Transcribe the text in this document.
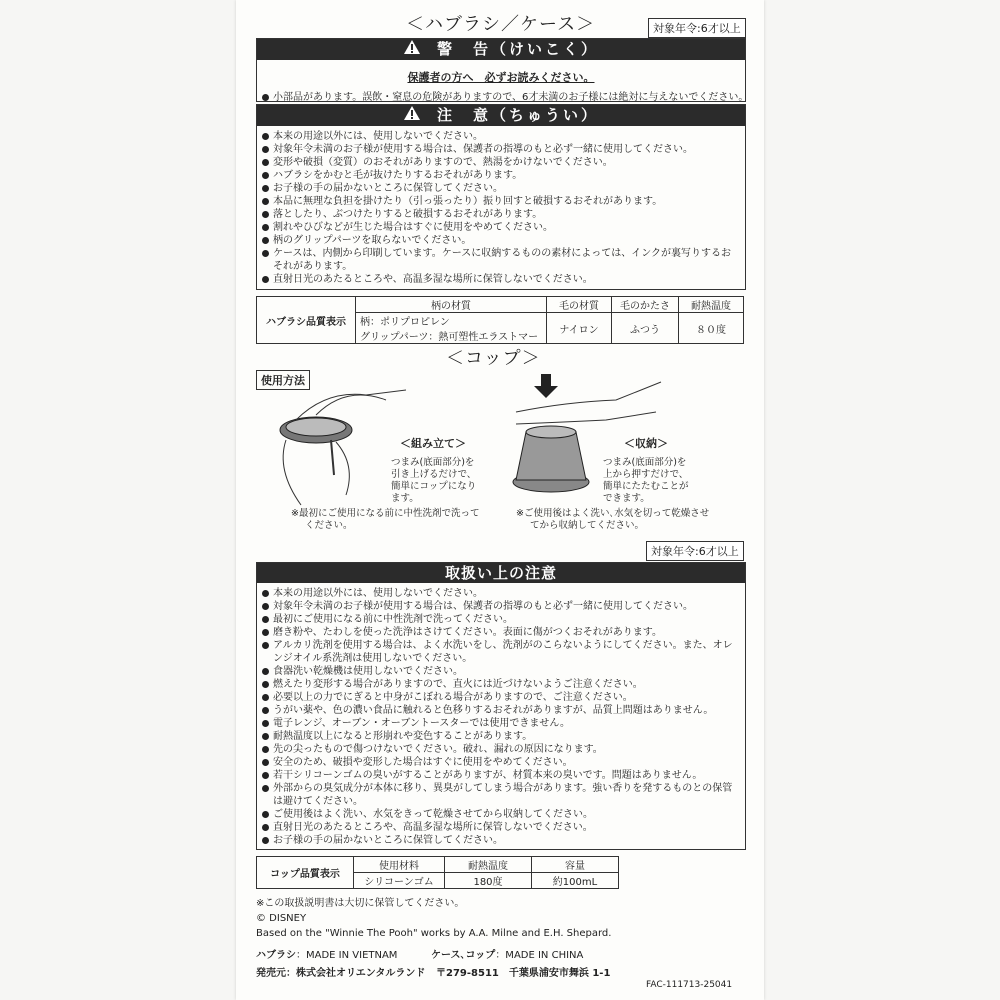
＜ハブラシ／ケース＞	対象年令:6才以上
警　告（けいこく）
保護者の方へ　必ずお読みください。
小部品があります。誤飲・窒息の危険がありますので、6才未満のお子様には絶対に与えないでください。
注　意（ちゅうい）
本来の用途以外には、使用しないでください。
対象年令未満のお子様が使用する場合は、保護者の指導のもと必ず一緒に使用してください。
変形や破損（変質）のおそれがありますので、熱湯をかけないでください。
ハブラシをかむと毛が抜けたりするおそれがあります。
お子様の手の届かないところに保管してください。
本品に無理な負担を掛けたり（引っ張ったり）振り回すと破損するおそれがあります。
落としたり、ぶつけたりすると破損するおそれがあります。
割れやひびなどが生じた場合はすぐに使用をやめてください。
柄のグリップパーツを取らないでください。
ケースは、内側から印刷しています。ケースに収納するものの素材によっては、インクが裏写りするおそれがあります。
直射日光のあたるところや、高温多湿な場所に保管しないでください。
ハブラシ品質表示	柄の材質	毛の材質	毛のかたさ	耐熱温度
	柄：ポリプロピレン	ナイロン	ふつう	８０度
	グリップパーツ：熱可塑性エラストマー			
＜コップ＞
使用方法
＜組み立て＞
つまみ(底面部分)を
引き上げるだけで、
簡単にコップになり
ます。
※最初にご使用になる前に中性洗剤で洗って
ください。
＜収納＞
つまみ(底面部分)を
上から押すだけで、
簡単にたたむことが
できます。
※ご使用後はよく洗い､水気を切って乾燥させ
てから収納してください。
対象年令:6才以上
取扱い上の注意
本来の用途以外には、使用しないでください。
対象年令未満のお子様が使用する場合は、保護者の指導のもと必ず一緒に使用してください。
最初にご使用になる前に中性洗剤で洗ってください。
磨き粉や、たわしを使った洗浄はさけてください。表面に傷がつくおそれがあります。
アルカリ洗剤を使用する場合は、よく水洗いをし、洗剤がのこらないようにしてください。また、オレンジオイル系洗剤は使用しないでください。
食器洗い乾燥機は使用しないでください。
燃えたり変形する場合がありますので、直火には近づけないようご注意ください。
必要以上の力でにぎると中身がこぼれる場合がありますので、ご注意ください。
うがい薬や、色の濃い食品に触れると色移りするおそれがありますが、品質上問題はありません。
電子レンジ、オーブン・オーブントースターでは使用できません。
耐熱温度以上になると形崩れや変色することがあります。
先の尖ったもので傷つけないでください。破れ、漏れの原因になります。
安全のため、破損や変形した場合はすぐに使用をやめてください。
若干シリコーンゴムの臭いがすることがありますが、材質本来の臭いです。問題はありません。
外部からの臭気成分が本体に移り、異臭がしてしまう場合があります。強い香りを発するものとの保管は避けてください。
ご使用後はよく洗い、水気をきって乾燥させてから収納してください。
直射日光のあたるところや、高温多湿な場所に保管しないでください。
お子様の手の届かないところに保管してください。
コップ品質表示	使用材料	耐熱温度	容量
	シリコーンゴム	180度	約100mL
※この取扱説明書は大切に保管してください。
© DISNEY
Based on the "Winnie The Pooh" works by A.A. Milne and E.H. Shepard.
ハブラシ：MADE IN VIETNAM	ケース､コップ：MADE IN CHINA
発売元：株式会社オリエンタルランド 〒279-8511　千葉県浦安市舞浜 1-1
FAC-111713-25041
